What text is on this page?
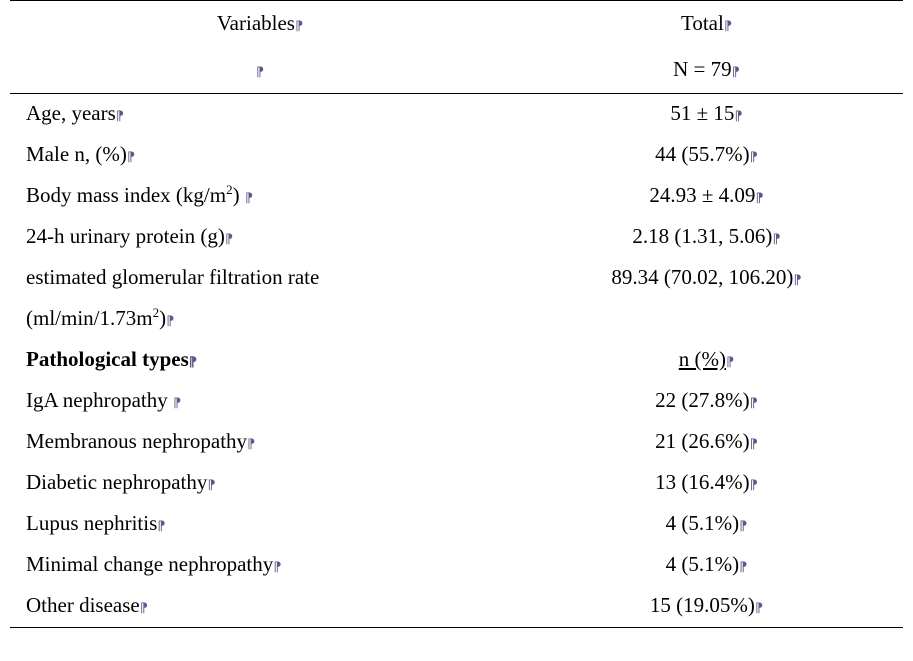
Variables⁋	Total⁋
⁋	N = 79⁋
Age, years⁋	51 ± 15⁋
Male n, (%)⁋	44 (55.7%)⁋
Body mass index $(kg/m^2)$ ⁋	24.93 ± 4.09⁋
24-h urinary protein (g)⁋	2.18 (1.31, 5.06)⁋
estimated glomerular filtration rate	89.34 (70.02, 106.20)⁋
$(ml/\min/1.73m^2)⁋$	
Pathological types⁋	n (%)⁋
IgA nephropathy ⁋	22 (27.8%)⁋
Membranous nephropathy⁋	21 (26.6%)⁋
Diabetic nephropathy⁋	13 (16.4%)⁋
Lupus nephritis⁋	4 (5.1%)⁋
Minimal change nephropathy⁋	4 (5.1%)⁋
Other disease⁋	15 (19.05%)⁋
